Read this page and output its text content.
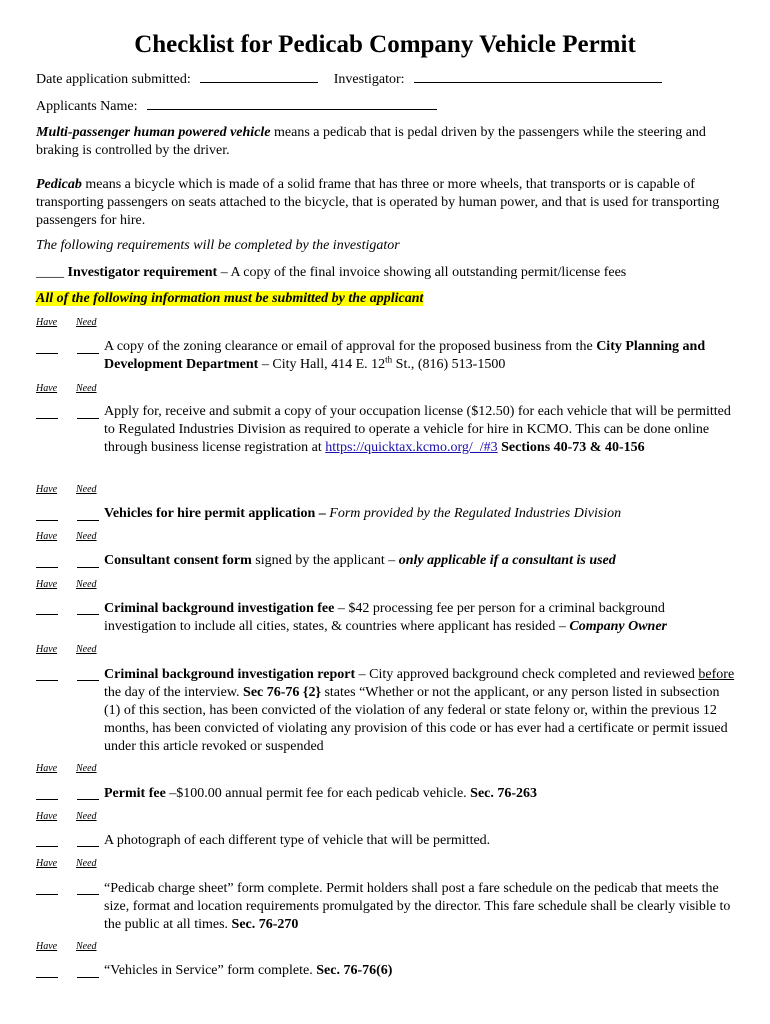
Checklist for Pedicab Company Vehicle Permit
Date application submitted:	Investigator:
Applicants Name:
Multi-passenger human powered vehicle means a pedicab that is pedal driven by the passengers while the steering and braking is controlled by the driver.
Pedicab means a bicycle which is made of a solid frame that has three or more wheels, that transports or is capable of transporting passengers on seats attached to the bicycle, that is operated by human power, and that is used for transporting passengers for hire.
The following requirements will be completed by the investigator
____ Investigator requirement – A copy of the final invoice showing all outstanding permit/license fees
All of the following information must be submitted by the applicant
Have Need
A copy of the zoning clearance or email of approval for the proposed business from the City Planning and Development Department – City Hall, 414 E. 12th St., (816) 513-1500
Have Need
Apply for, receive and submit a copy of your occupation license ($12.50) for each vehicle that will be permitted to Regulated Industries Division as required to operate a vehicle for hire in KCMO. This can be done online through business license registration at https://quicktax.kcmo.org/_/#3 Sections 40-73 & 40-156
Have Need
Vehicles for hire permit application – Form provided by the Regulated Industries Division
Have Need
Consultant consent form signed by the applicant – only applicable if a consultant is used
Have Need
Criminal background investigation fee – $42 processing fee per person for a criminal background investigation to include all cities, states, & countries where applicant has resided – Company Owner
Have Need
Criminal background investigation report – City approved background check completed and reviewed before the day of the interview. Sec 76-76 {2} states “Whether or not the applicant, or any person listed in subsection (1) of this section, has been convicted of the violation of any federal or state felony or, within the previous 12 months, has been convicted of violating any provision of this code or has ever had a certificate or permit issued under this article revoked or suspended
Have Need
Permit fee –$100.00 annual permit fee for each pedicab vehicle. Sec. 76-263
Have Need
A photograph of each different type of vehicle that will be permitted.
Have Need
“Pedicab charge sheet” form complete. Permit holders shall post a fare schedule on the pedicab that meets the size, format and location requirements promulgated by the director. This fare schedule shall be clearly visible to the public at all times. Sec. 76-270
Have Need
“Vehicles in Service” form complete. Sec. 76-76(6)
